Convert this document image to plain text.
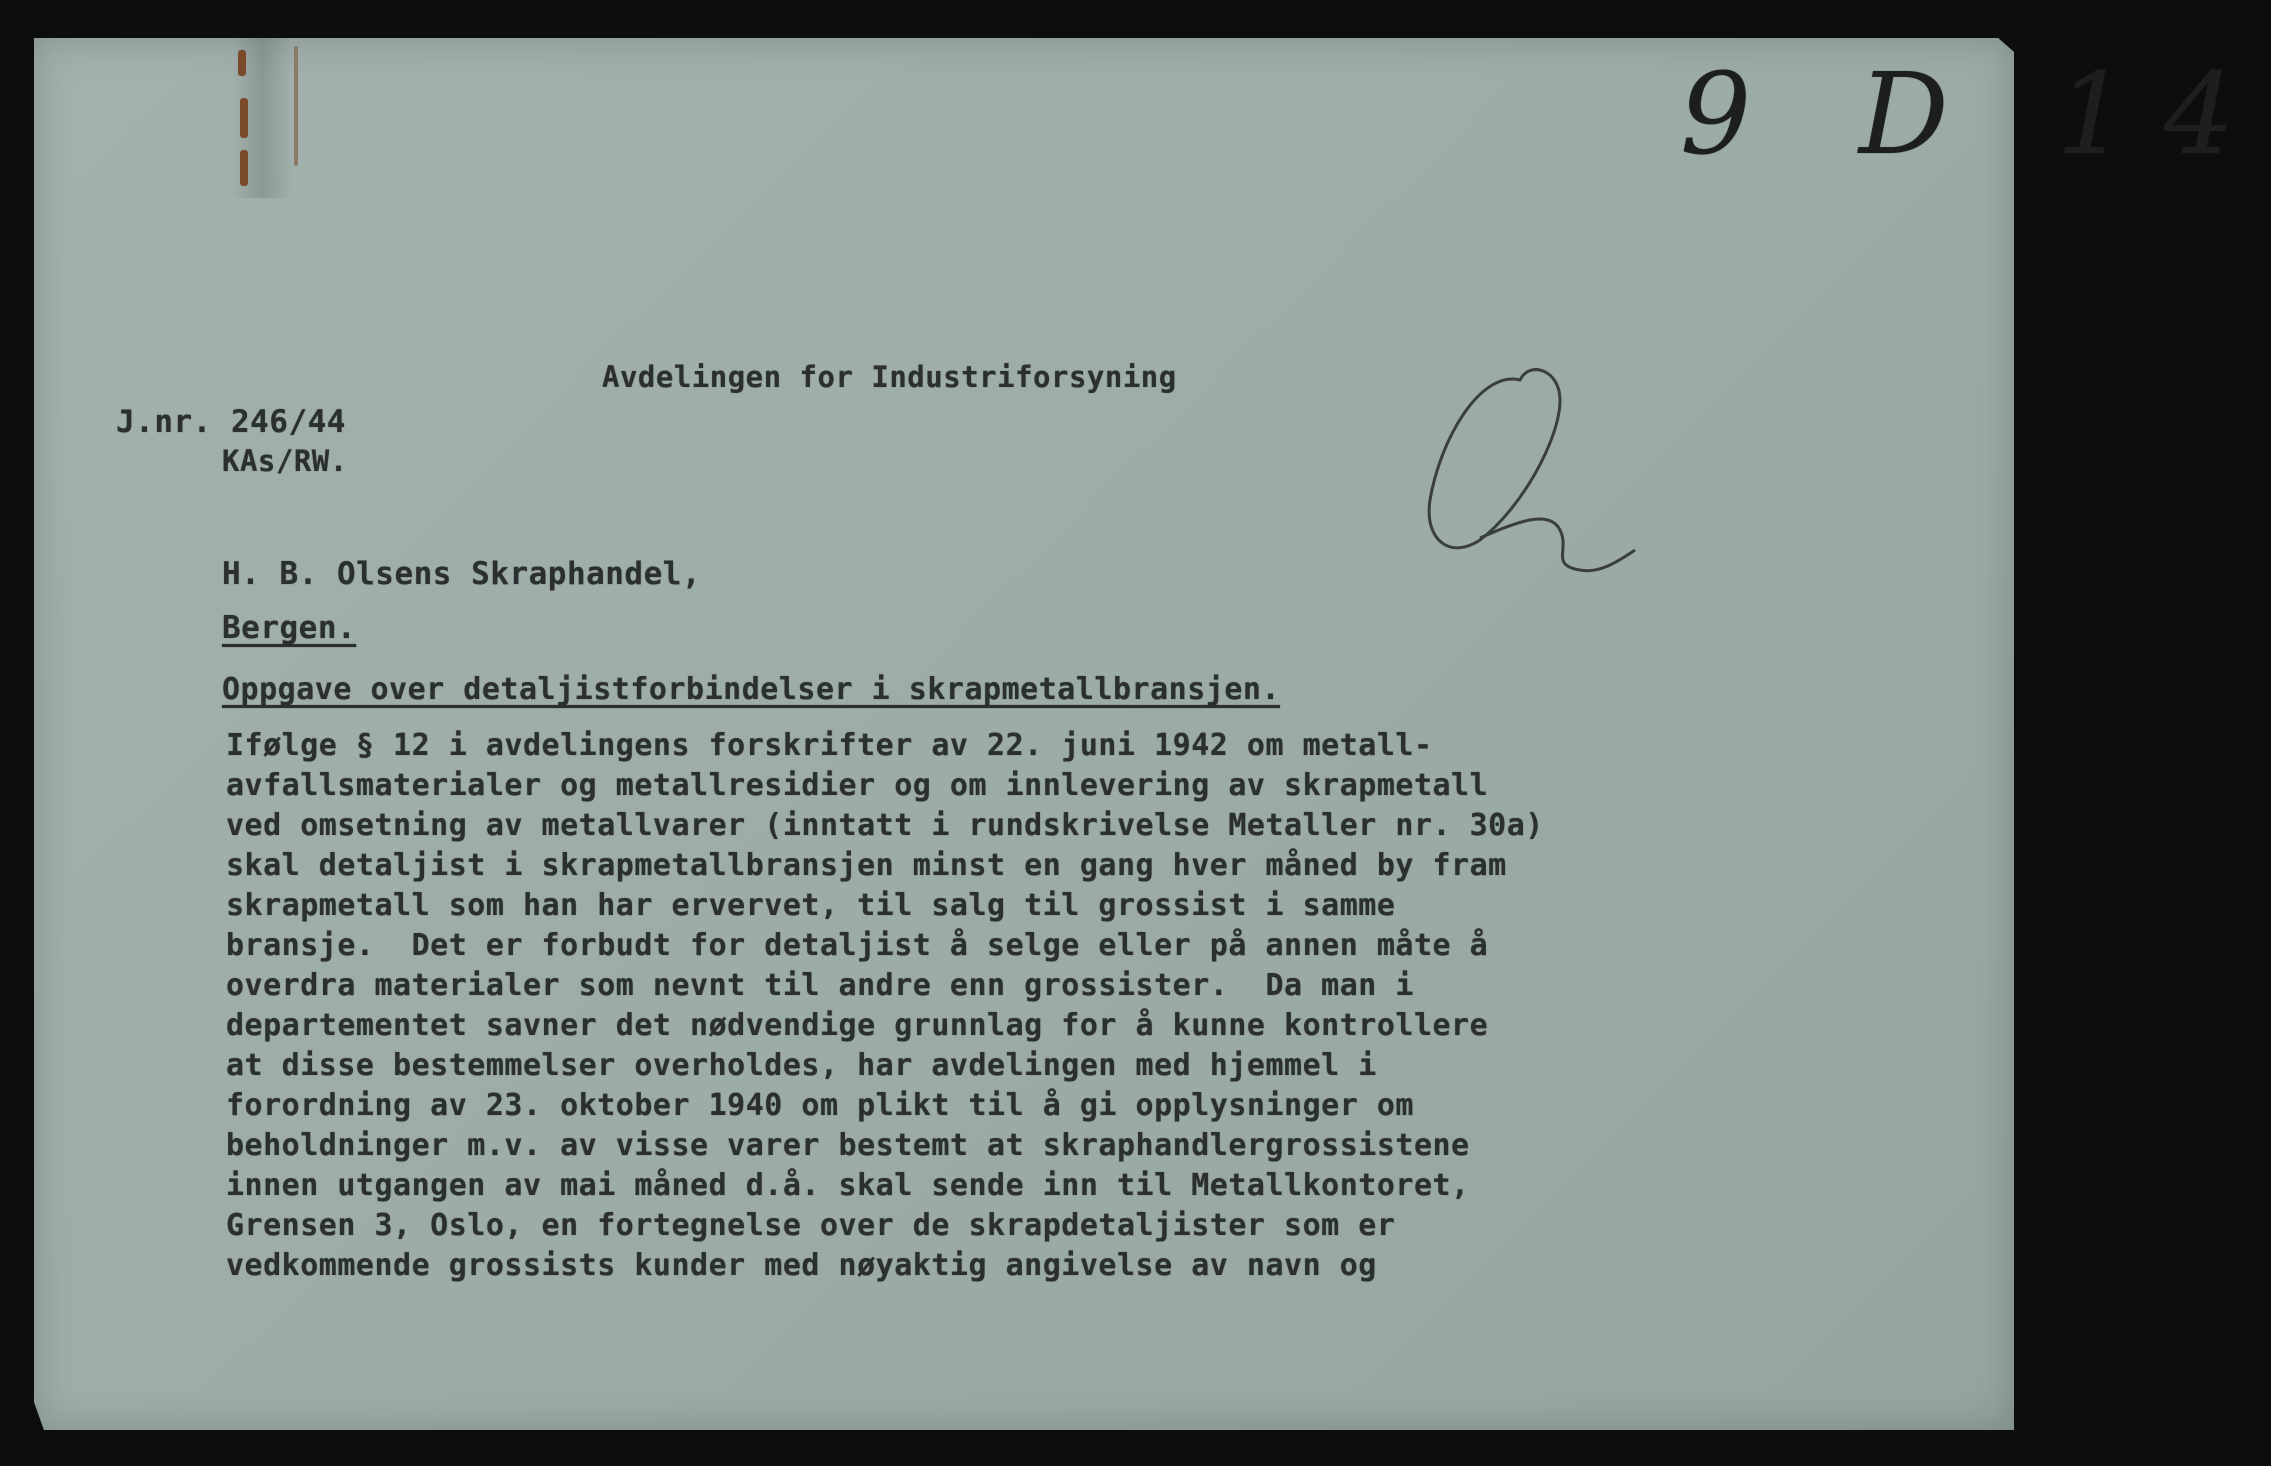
9 D 14
Avdelingen for Industriforsyning
J.nr. 246/44
KAs/RW.
H. B. Olsens Skraphandel,
Bergen.
Oppgave over detaljistforbindelser i skrapmetallbransjen.
Ifølge § 12 i avdelingens forskrifter av 22. juni 1942 om metall-
avfallsmaterialer og metallresidier og om innlevering av skrapmetall
ved omsetning av metallvarer (inntatt i rundskrivelse Metaller nr. 30a)
skal detaljist i skrapmetallbransjen minst en gang hver måned by fram
skrapmetall som han har ervervet, til salg til grossist i samme
bransje.  Det er forbudt for detaljist å selge eller på annen måte å
overdra materialer som nevnt til andre enn grossister.  Da man i
departementet savner det nødvendige grunnlag for å kunne kontrollere
at disse bestemmelser overholdes, har avdelingen med hjemmel i
forordning av 23. oktober 1940 om plikt til å gi opplysninger om
beholdninger m.v. av visse varer bestemt at skraphandlergrossistene
innen utgangen av mai måned d.å. skal sende inn til Metallkontoret,
Grensen 3, Oslo, en fortegnelse over de skrapdetaljister som er
vedkommende grossists kunder med nøyaktig angivelse av navn og
